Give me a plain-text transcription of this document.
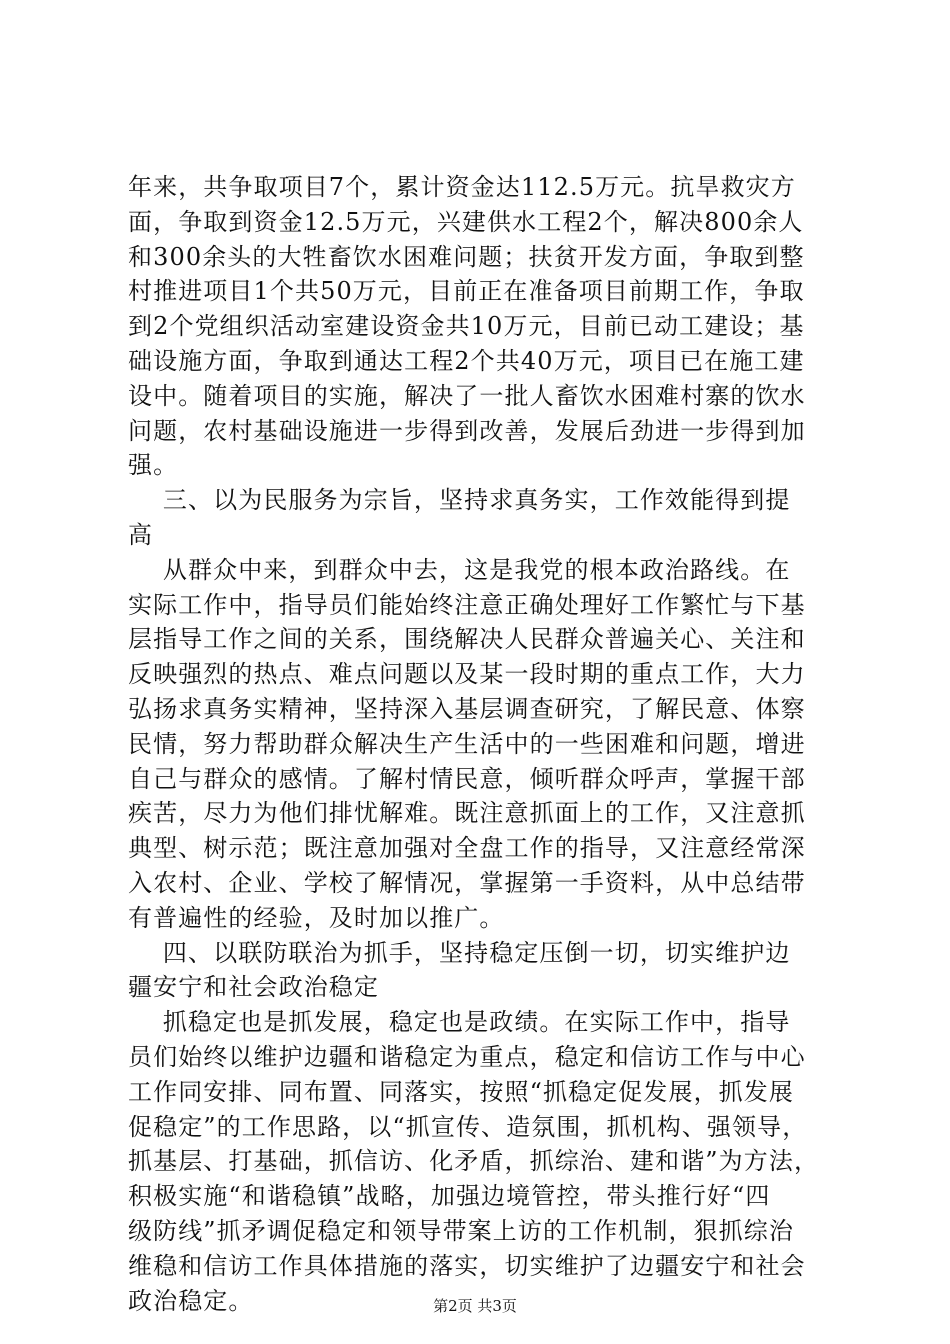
年来，共争取项目7个，累计资金达112.5万元。抗旱救灾方
面，争取到资金12.5万元，兴建供水工程2个，解决800余人
和300余头的大牲畜饮水困难问题；扶贫开发方面，争取到整
村推进项目1个共50万元，目前正在准备项目前期工作，争取
到2个党组织活动室建设资金共10万元，目前已动工建设；基
础设施方面，争取到通达工程2个共40万元，项目已在施工建
设中。随着项目的实施，解决了一批人畜饮水困难村寨的饮水
问题，农村基础设施进一步得到改善，发展后劲进一步得到加
强。
三、以为民服务为宗旨，坚持求真务实，工作效能得到提
高
从群众中来，到群众中去，这是我党的根本政治路线。在
实际工作中，指导员们能始终注意正确处理好工作繁忙与下基
层指导工作之间的关系，围绕解决人民群众普遍关心、关注和
反映强烈的热点、难点问题以及某一段时期的重点工作，大力
弘扬求真务实精神，坚持深入基层调查研究，了解民意、体察
民情，努力帮助群众解决生产生活中的一些困难和问题，增进
自己与群众的感情。了解村情民意，倾听群众呼声，掌握干部
疾苦，尽力为他们排忧解难。既注意抓面上的工作，又注意抓
典型、树示范；既注意加强对全盘工作的指导，又注意经常深
入农村、企业、学校了解情况，掌握第一手资料，从中总结带
有普遍性的经验，及时加以推广。
四、以联防联治为抓手，坚持稳定压倒一切，切实维护边
疆安宁和社会政治稳定
抓稳定也是抓发展，稳定也是政绩。在实际工作中，指导
员们始终以维护边疆和谐稳定为重点，稳定和信访工作与中心
工作同安排、同布置、同落实，按照“抓稳定促发展，抓发展
促稳定”的工作思路，以“抓宣传、造氛围，抓机构、强领导，
抓基层、打基础，抓信访、化矛盾，抓综治、建和谐”为方法，
积极实施“和谐稳镇”战略，加强边境管控，带头推行好“四
级防线”抓矛调促稳定和领导带案上访的工作机制，狠抓综治
维稳和信访工作具体措施的落实，切实维护了边疆安宁和社会
政治稳定。	第2页 共3页
